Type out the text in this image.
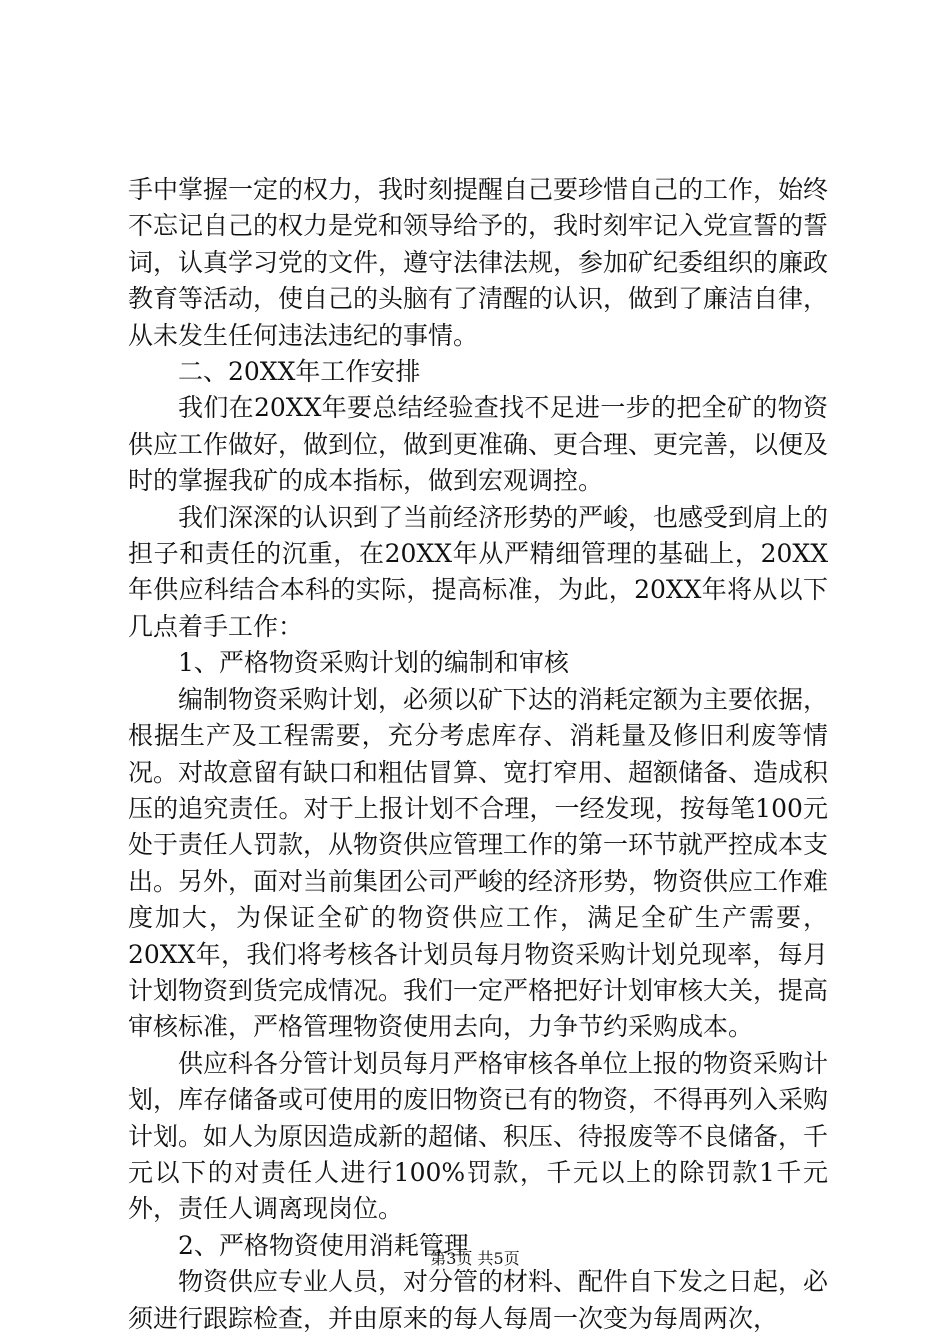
手中掌握一定的权力，我时刻提醒自己要珍惜自己的工作，始终不忘记自己的权力是党和领导给予的，我时刻牢记入党宣誓的誓词，认真学习党的文件，遵守法律法规，参加矿纪委组织的廉政教育等活动，使自己的头脑有了清醒的认识，做到了廉洁自律，从未发生任何违法违纪的事情。

二、20XX年工作安排

我们在20XX年要总结经验查找不足进一步的把全矿的物资供应工作做好，做到位，做到更准确、更合理、更完善，以便及时的掌握我矿的成本指标，做到宏观调控。

我们深深的认识到了当前经济形势的严峻，也感受到肩上的担子和责任的沉重，在20XX年从严精细管理的基础上，20XX年供应科结合本科的实际，提高标准，为此，20XX年将从以下几点着手工作：

1、严格物资采购计划的编制和审核

编制物资采购计划，必须以矿下达的消耗定额为主要依据，根据生产及工程需要，充分考虑库存、消耗量及修旧利废等情况。对故意留有缺口和粗估冒算、宽打窄用、超额储备、造成积压的追究责任。对于上报计划不合理，一经发现，按每笔100元处于责任人罚款，从物资供应管理工作的第一环节就严控成本支出。另外，面对当前集团公司严峻的经济形势，物资供应工作难度加大，为保证全矿的物资供应工作，满足全矿生产需要，20XX年，我们将考核各计划员每月物资采购计划兑现率，每月计划物资到货完成情况。我们一定严格把好计划审核大关，提高审核标准，严格管理物资使用去向，力争节约采购成本。

供应科各分管计划员每月严格审核各单位上报的物资采购计划，库存储备或可使用的废旧物资已有的物资，不得再列入采购计划。如人为原因造成新的超储、积压、待报废等不良储备，千元以下的对责任人进行100%罚款，千元以上的除罚款1千元外，责任人调离现岗位。

2、严格物资使用消耗管理

物资供应专业人员，对分管的材料、配件自下发之日起，必须进行跟踪检查，并由原来的每人每周一次变为每周两次，

第3页 共5页
